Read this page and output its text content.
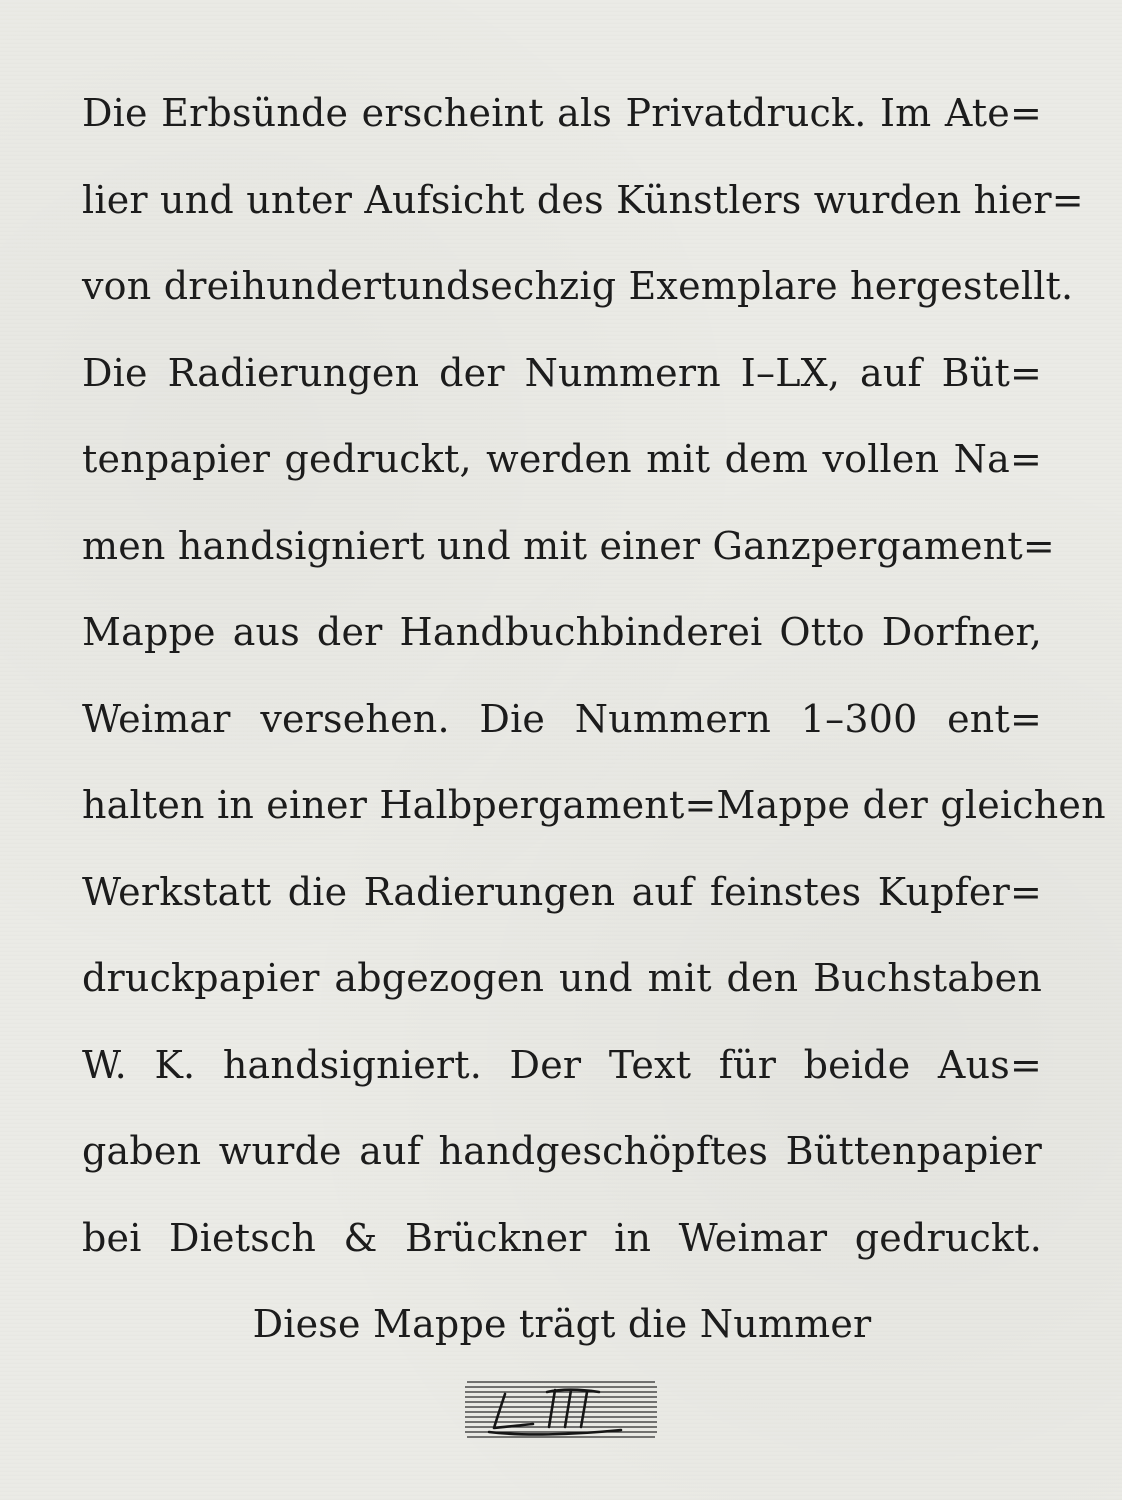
Die Erbsünde erscheint als Privatdruck. Im Ate=
lier und unter Aufsicht des Künstlers wurden hier=
von dreihundertundsechzig Exemplare hergestellt.
Die Radierungen der Nummern I–LX, auf Büt=
tenpapier gedruckt, werden mit dem vollen Na=
men handsigniert und mit einer Ganzpergament=
Mappe aus der Handbuchbinderei Otto Dorfner,
Weimar versehen. Die Nummern 1–300 ent=
halten in einer Halbpergament=Mappe der gleichen
Werkstatt die Radierungen auf feinstes Kupfer=
druckpapier abgezogen und mit den Buchstaben
W. K. handsigniert. Der Text für beide Aus=
gaben wurde auf handgeschöpftes Büttenpapier
bei Dietsch & Brückner in Weimar gedruckt.
Diese Mappe trägt die Nummer
